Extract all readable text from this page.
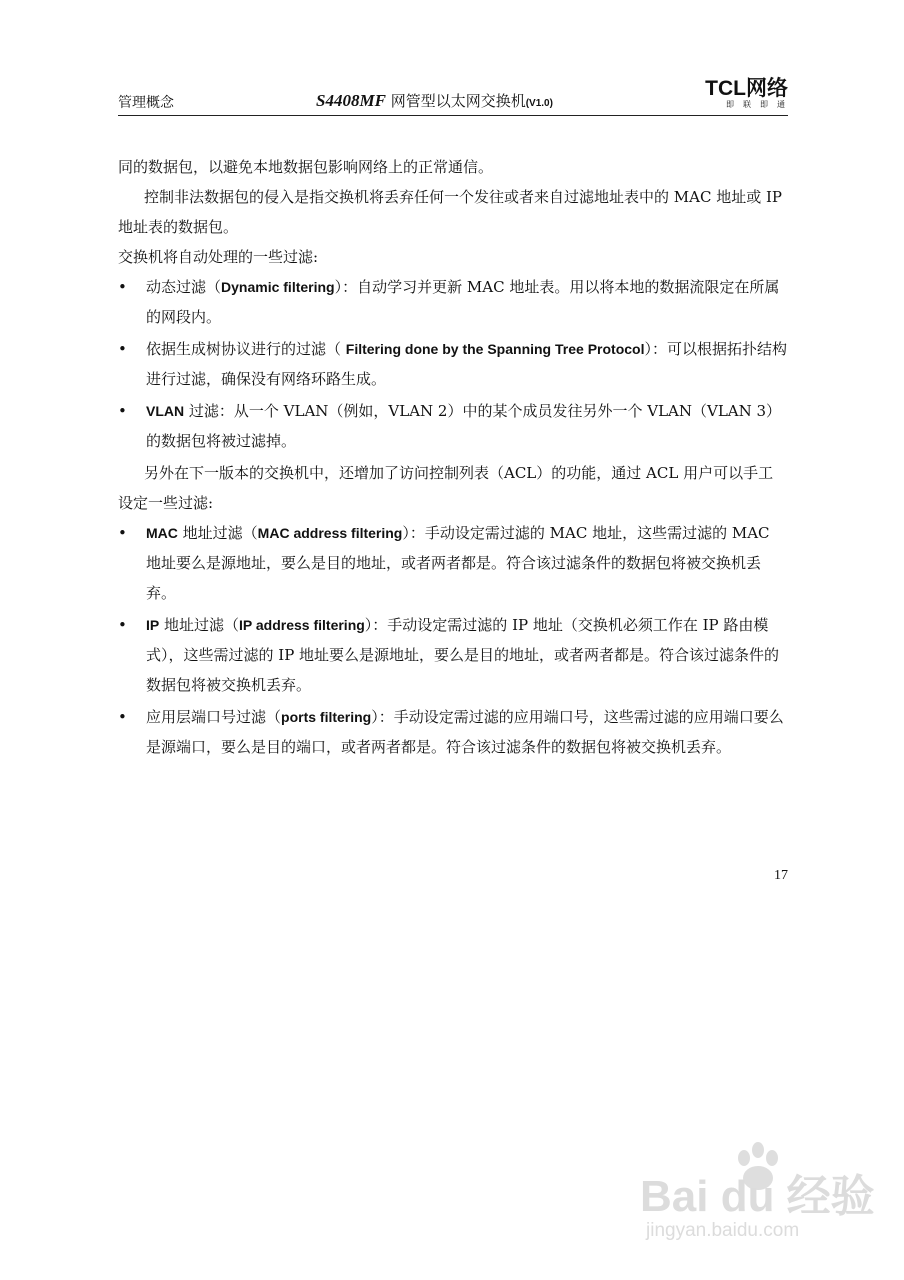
管理概念	S4408MF 网管型以太网交换机(V1.0)
TCL网络
即联即通

同的数据包，以避免本地数据包影响网络上的正常通信。

控制非法数据包的侵入是指交换机将丢弃任何一个发往或者来自过滤地址表中的 MAC 地址或 IP 地址表的数据包。

交换机将自动处理的一些过滤:

• 动态过滤（Dynamic filtering）：自动学习并更新 MAC 地址表。用以将本地的数据流限定在所属的网段内。
• 依据生成树协议进行的过滤（ Filtering done by the Spanning Tree Protocol）：可以根据拓扑结构进行过滤，确保没有网络环路生成。
• VLAN 过滤：从一个 VLAN（例如，VLAN 2）中的某个成员发往另外一个 VLAN（VLAN 3）的数据包将被过滤掉。

另外在下一版本的交换机中，还增加了访问控制列表（ACL）的功能，通过 ACL 用户可以手工设定一些过滤:

• MAC 地址过滤（MAC address filtering）：手动设定需过滤的 MAC 地址，这些需过滤的 MAC 地址要么是源地址，要么是目的地址，或者两者都是。符合该过滤条件的数据包将被交换机丢弃。
• IP 地址过滤（IP address filtering）：手动设定需过滤的 IP 地址（交换机必须工作在 IP 路由模式），这些需过滤的 IP 地址要么是源地址，要么是目的地址，或者两者都是。符合该过滤条件的数据包将被交换机丢弃。
• 应用层端口号过滤（ports filtering）：手动设定需过滤的应用端口号，这些需过滤的应用端口要么是源端口，要么是目的端口，或者两者都是。符合该过滤条件的数据包将被交换机丢弃。
17
Bai du 经验
jingyan.baidu.com
